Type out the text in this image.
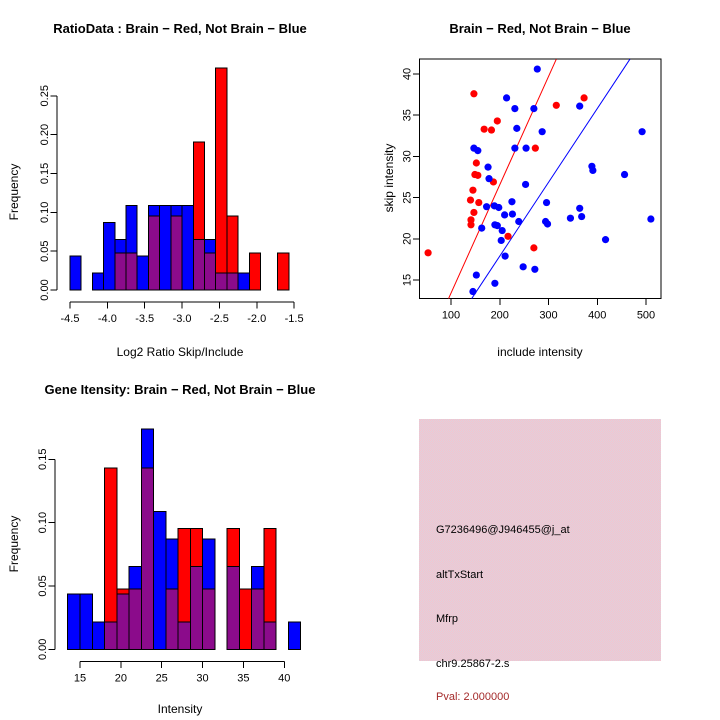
0.00
0.05
0.10
0.15
0.20
0.25
-4.5 -4.0 -3.5 -3.0 -2.5 -2.0 -1.5
RatioData : Brain − Red, Not Brain − Blue
Log2 Ratio Skip/Include
Frequency
100	200	300	400	500
15
20
25
30
35
40
Brain − Red, Not Brain − Blue
include intensity
skip intensity
0.00
0.05
0.10
0.15
15	20	25	30	35	40
Gene Itensity: Brain − Red, Not Brain − Blue
Intensity
Frequency	G7236496@J946455@j_at
altTxStart
Mfrp
chr9.25867-2.s
Pval: 2.000000
